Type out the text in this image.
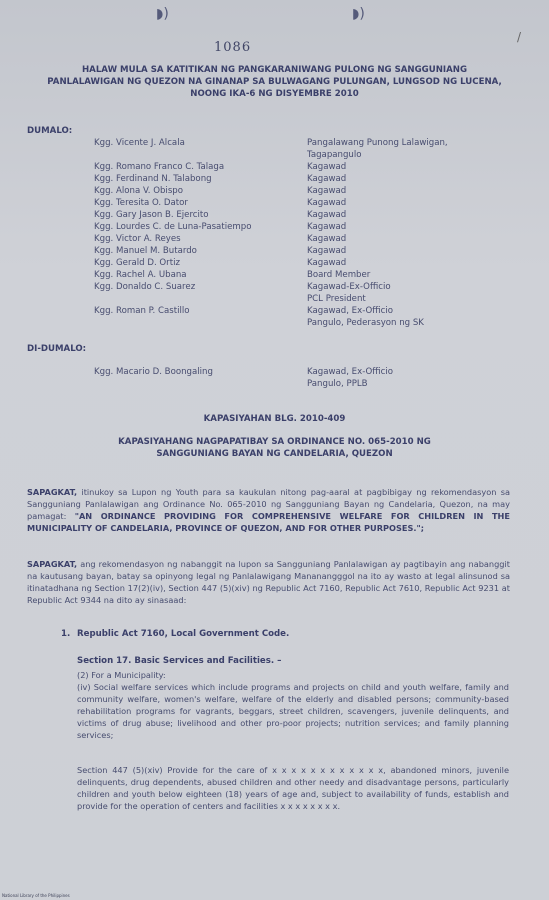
◗)	◗)
/
1086
HALAW MULA SA KATITIKAN NG PANGKARANIWANG PULONG NG SANGGUNIANG
PANLALAWIGAN NG QUEZON NA GINANAP SA BULWAGANG PULUNGAN, LUNGSOD NG LUCENA,
NOONG IKA-6 NG DISYEMBRE 2010
DUMALO:
Kgg. Vicente J. Alcala	Pangalawang Punong Lalawigan,
Tagapangulo
Kgg. Romano Franco C. Talaga	Kagawad
Kgg. Ferdinand N. Talabong	Kagawad
Kgg. Alona V. Obispo	Kagawad
Kgg. Teresita O. Dator	Kagawad
Kgg. Gary Jason B. Ejercito	Kagawad
Kgg. Lourdes C. de Luna-Pasatiempo	Kagawad
Kgg. Victor A. Reyes	Kagawad
Kgg. Manuel M. Butardo	Kagawad
Kgg. Gerald D. Ortiz	Kagawad
Kgg. Rachel A. Ubana	Board Member
Kgg. Donaldo C. Suarez	Kagawad-Ex-Officio
PCL President
Kgg. Roman P. Castillo	Kagawad, Ex-Officio
Pangulo, Pederasyon ng SK
DI-DUMALO:
Kgg. Macario D. Boongaling	Kagawad, Ex-Officio
Pangulo, PPLB
KAPASIYAHAN BLG. 2010-409
KAPASIYAHANG NAGPAPATIBAY SA ORDINANCE NO. 065-2010 NG
SANGGUNIANG BAYAN NG CANDELARIA, QUEZON
SAPAGKAT, itinukoy sa Lupon ng Youth para sa kaukulan nitong pag-aaral at pagbibigay ng rekomendasyon sa Sangguniang Panlalawigan ang Ordinance No. 065-2010 ng Sangguniang Bayan ng Candelaria, Quezon, na may pamagat: "AN ORDINANCE PROVIDING FOR COMPREHENSIVE WELFARE FOR CHILDREN IN THE MUNICIPALITY OF CANDELARIA, PROVINCE OF QUEZON, AND FOR OTHER PURPOSES.";
SAPAGKAT, ang rekomendasyon ng nabanggit na lupon sa Sangguniang Panlalawigan ay pagtibayin ang nabanggit na kautusang bayan, batay sa opinyong legal ng Panlalawigang Mananangggol na ito ay wasto at legal alinsunod sa itinatadhana ng Section 17(2)(iv), Section 447 (5)(xiv) ng Republic Act 7160, Republic Act 7610, Republic Act 9231 at Republic Act 9344 na dito ay sinasaad:
1. Republic Act 7160, Local Government Code.
Section 17. Basic Services and Facilities. –
(2) For a Municipality:
(iv) Social welfare services which include programs and projects on child and youth welfare, family and community welfare, women's welfare, welfare of the elderly and disabled persons; community-based rehabilitation programs for vagrants, beggars, street children, scavengers, juvenile delinquents, and victims of drug abuse; livelihood and other pro-poor projects; nutrition services; and family planning services;
Section 447 (5)(xiv) Provide for the care of x x x x x x x x x x x x, abandoned minors, juvenile delinquents, drug dependents, abused children and other needy and disadvantage persons, particularly children and youth below eighteen (18) years of age and, subject to availability of funds, establish and provide for the operation of centers and facilities x x x x x x x x.
National Library of the Philippines
